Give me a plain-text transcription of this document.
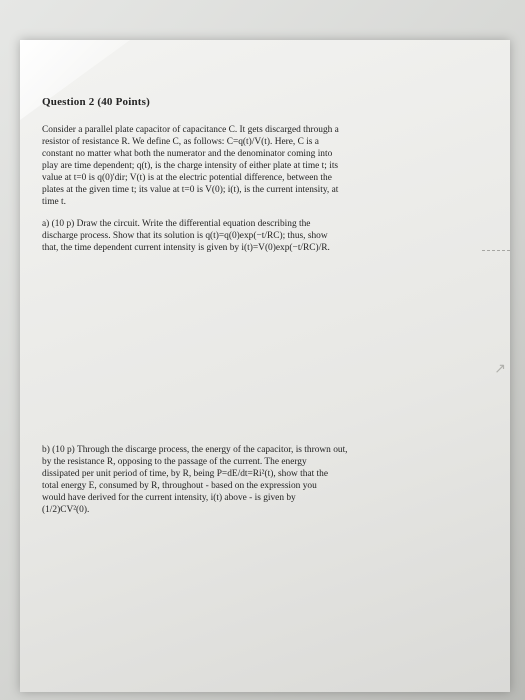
↗
Question 2 (40 Points)

Consider a parallel plate capacitor of capacitance C. It gets discarged through a
resistor of resistance R. We define C, as follows: C=q(t)/V(t). Here, C is a
constant no matter what both the numerator and the denominator coming into
play are time dependent; q(t), is the charge intensity of either plate at time t; its
value at t=0 is q(0)'dir; V(t) is at the electric potential difference, between the
plates at the given time t; its value at t=0 is V(0); i(t), is the current intensity, at
time t.

a) (10 p) Draw the circuit. Write the differential equation describing the
discharge process. Show that its solution is q(t)=q(0)exp(−t/RC); thus, show
that, the time dependent current intensity is given by i(t)=V(0)exp(−t/RC)/R.
b) (10 p) Through the discarge process, the energy of the capacitor, is thrown out,
by the resistance R, opposing to the passage of the current. The energy
dissipated per unit period of time, by R, being P=dE/dt=Ri²(t), show that the
total energy E, consumed by R, throughout - based on the expression you
would have derived for the current intensity, i(t) above - is given by
(1/2)CV²(0).
